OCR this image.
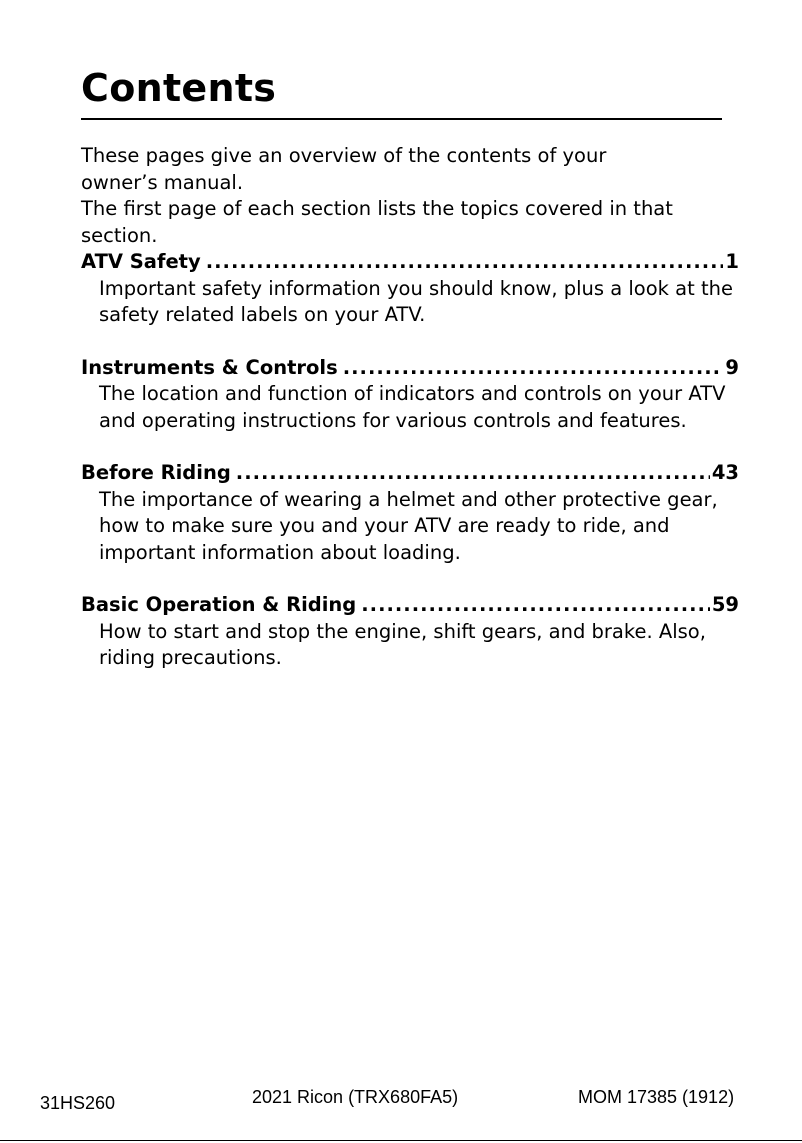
Contents

These pages give an overview of the contents of your owner’s manual.

The first page of each section lists the topics covered in that section.

ATV Safety .....	1

Important safety information you should know, plus a look at the safety related labels on your ATV.

Instruments & Controls .....	9

The location and function of indicators and controls on your ATV and operating instructions for various controls and features.

Before Riding .....	43

The importance of wearing a helmet and other protective gear, how to make sure you and your ATV are ready to ride, and important information about loading.

Basic Operation & Riding .....	59

How to start and stop the engine, shift gears, and brake. Also, riding precautions.

31HS260	2021 Ricon (TRX680FA5)	MOM 17385 (1912)
